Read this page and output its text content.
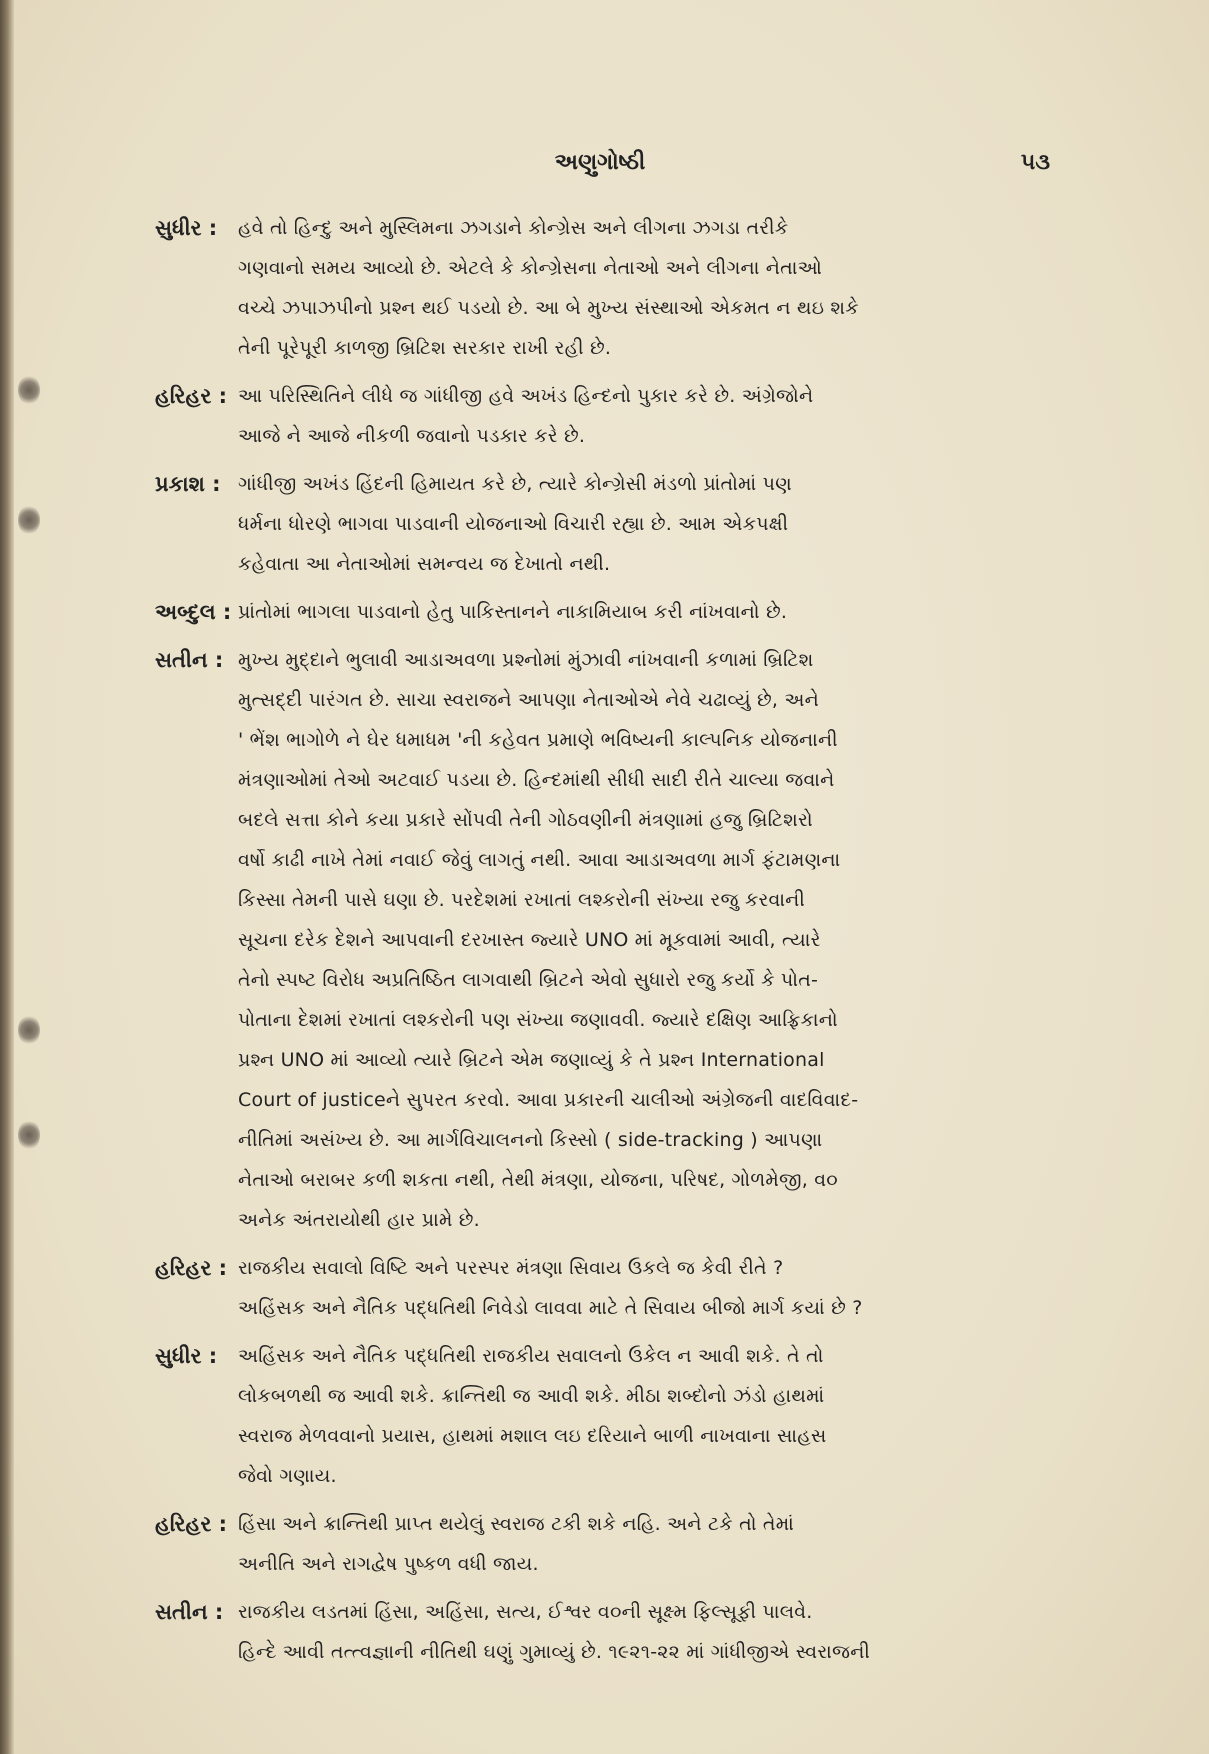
અણુગોષ્ઠી	૫૩
સુધીર : હવે તો હિન્દુ અને મુસ્લિમના ઝગડાને કોન્ગ્રેસ અને લીગના ઝગડા તરીકે
ગણવાનો સમય આવ્યો છે. એટલે કે કોન્ગ્રેસના નેતાઓ અને લીગના નેતાઓ
વચ્ચે ઝપાઝપીનો પ્રશ્ન થઈ પડયો છે. આ બે મુખ્ય સંસ્થાઓ એકમત ન થઇ શકે
તેની પૂરેપૂરી કાળજી બ્રિટિશ સરકાર રાખી રહી છે.
હરિહર : આ પરિસ્થિતિને લીધે જ ગાંધીજી હવે અખંડ હિન્દનો પુકાર કરે છે. અંગ્રેજોને
આજે ને આજે નીકળી જવાનો પડકાર કરે છે.
પ્રકાશ : ગાંધીજી અખંડ હિંદની હિમાયત કરે છે, ત્યારે કોન્ગ્રેસી મંડળો પ્રાંતોમાં પણ
ધર્મના ધોરણે ભાગવા પાડવાની યોજનાઓ વિચારી રહ્યા છે. આમ એકપક્ષી
કહેવાતા આ નેતાઓમાં સમન્વય જ દેખાતો નથી.
અબ્દુલ : પ્રાંતોમાં ભાગલા પાડવાનો હેતુ પાકિસ્તાનને નાકામિયાબ કરી નાંખવાનો છે.
સતીન : મુખ્ય મુદ્દાને ભુલાવી આડાઅવળા પ્રશ્નોમાં મુંઝાવી નાંખવાની કળામાં બ્રિટિશ
મુત્સદ્દી પારંગત છે. સાચા સ્વરાજને આપણા નેતાઓએ નેવે ચઢાવ્યું છે, અને
' ભેંશ ભાગોળે ને ઘેર ધમાધમ 'ની કહેવત પ્રમાણે ભવિષ્યની કાલ્પનિક યોજનાની
મંત્રણાઓમાં તેઓ અટવાઈ પડયા છે. હિન્દમાંથી સીધી સાદી રીતે ચાલ્યા જવાને
બદલે સત્તા કોને કયા પ્રકારે સોંપવી તેની ગોઠવણીની મંત્રણામાં હજુ બ્રિટિશરો
વર્ષો કાઢી નાખે તેમાં નવાઈ જેવું લાગતું નથી. આવા આડાઅવળા માર્ગ ફંટામણના
કિસ્સા તેમની પાસે ઘણા છે. પરદેશમાં રખાતાં લશ્કરોની સંખ્યા રજુ કરવાની
સૂચના દરેક દેશને આપવાની દરખાસ્ત જ્યારે UNO માં મૂકવામાં આવી, ત્યારે
તેનો સ્પષ્ટ વિરોધ અપ્રતિષ્ઠિત લાગવાથી બ્રિટને એવો સુધારો રજુ કર્યો કે પોત-
પોતાના દેશમાં રખાતાં લશ્કરોની પણ સંખ્યા જણાવવી. જ્યારે દક્ષિણ આફ્રિકાનો
પ્રશ્ન UNO માં આવ્યો ત્યારે બ્રિટને એમ જણાવ્યું કે તે પ્રશ્ન International
Court of justiceને સુપરત કરવો. આવા પ્રકારની ચાલીઓ અંગ્રેજની વાદવિવાદ-
નીતિમાં અસંખ્ય છે. આ માર્ગવિચાલનનો કિસ્સો ( side-tracking ) આપણા
નેતાઓ બરાબર કળી શકતા નથી, તેથી મંત્રણા, યોજના, પરિષદ, ગોળમેજી, વ૦
અનેક અંતરાયોથી હાર પ્રામે છે.
હરિહર : રાજકીય સવાલો વિષ્ટિ અને પરસ્પર મંત્રણા સિવાય ઉકલે જ કેવી રીતે ?
અહિંસક અને નૈતિક પદ્ધતિથી નિવેડો લાવવા માટે તે સિવાય બીજો માર્ગ કયાં છે ?
સુધીર : અહિંસક અને નૈતિક પદ્ધતિથી રાજકીય સવાલનો ઉકેલ ન આવી શકે. તે તો
લોકબળથી જ આવી શકે. ક્રાન્તિથી જ આવી શકે. મીઠા શબ્દોનો ઝંડો હાથમાં
સ્વરાજ મેળવવાનો પ્રયાસ, હાથમાં મશાલ લઇ દરિયાને બાળી નાખવાના સાહસ
જેવો ગણાય.
હરિહર : હિંસા અને ક્રાન્તિથી પ્રાપ્ત થયેલું સ્વરાજ ટકી શકે નહિ. અને ટકે તો તેમાં
અનીતિ અને રાગદ્વેષ પુષ્કળ વધી જાય.
સતીન : રાજકીય લડતમાં હિંસા, અહિંસા, સત્ય, ઈશ્વર વ૦ની સૂક્ષ્મ ફિલ્સૂફી પાલવે.
હિન્દે આવી તત્ત્વજ્ઞાની નીતિથી ઘણું ગુમાવ્યું છે. ૧૯૨૧-૨૨ માં ગાંધીજીએ સ્વરાજની
